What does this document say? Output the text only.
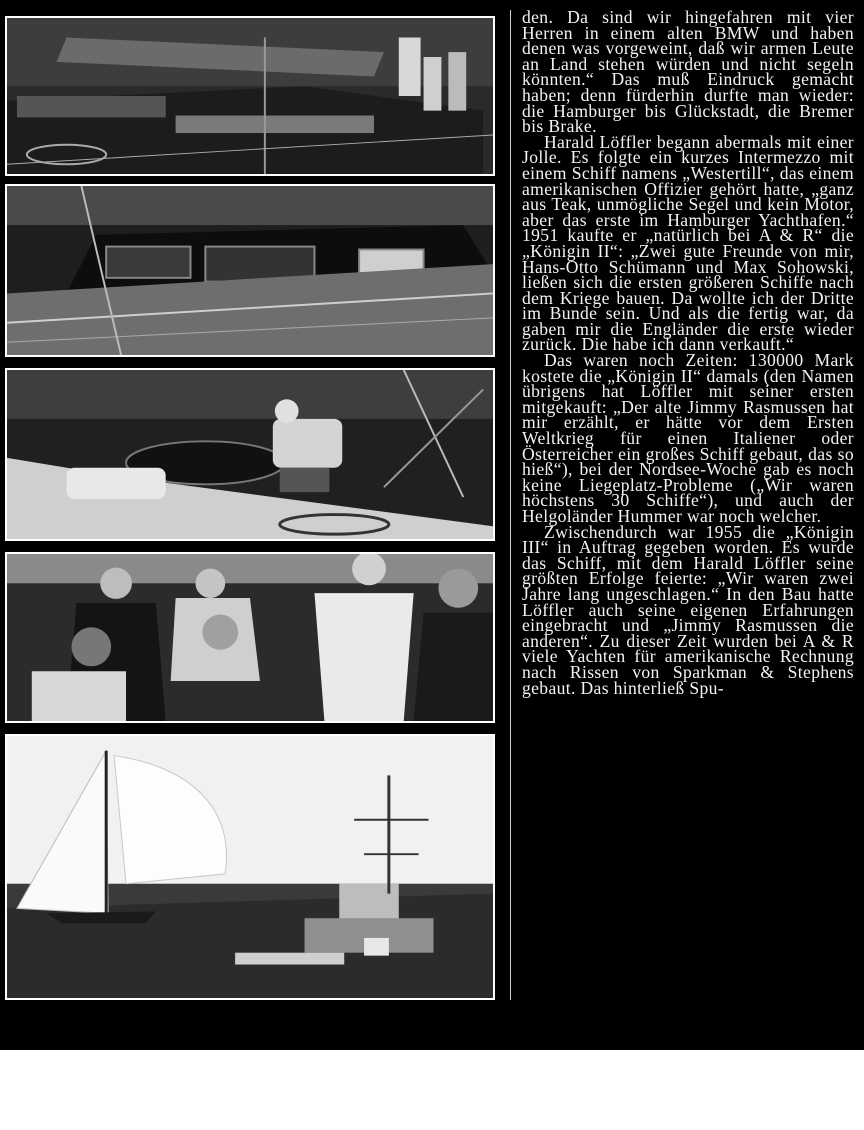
den. Da sind wir hingefahren mit vier Herren in einem alten BMW und haben denen was vorgeweint, daß wir armen Leute an Land stehen würden und nicht segeln könnten.“ Das muß Eindruck gemacht haben; denn fürderhin durfte man wieder: die Hamburger bis Glückstadt, die Bremer bis Brake.

Harald Löffler begann abermals mit einer Jolle. Es folgte ein kurzes Intermezzo mit einem Schiff namens „Westertill“, das einem amerikanischen Offizier gehört hatte, „ganz aus Teak, unmögliche Segel und kein Motor, aber das erste im Hamburger Yachthafen.“ 1951 kaufte er „natürlich bei A & R“ die „Königin II“: „Zwei gute Freunde von mir, Hans-Otto Schümann und Max Sohowski, ließen sich die ersten größeren Schiffe nach dem Kriege bauen. Da wollte ich der Dritte im Bunde sein. Und als die fertig war, da gaben mir die Engländer die erste wieder zurück. Die habe ich dann verkauft.“

Das waren noch Zeiten: 130000 Mark kostete die „Königin II“ damals (den Namen übrigens hat Löffler mit seiner ersten mitgekauft: „Der alte Jimmy Rasmussen hat mir erzählt, er hätte vor dem Ersten Weltkrieg für einen Italiener oder Österreicher ein großes Schiff gebaut, das so hieß“), bei der Nordsee-Woche gab es noch keine Liegeplatz-Probleme („Wir waren höchstens 30 Schiffe“), und auch der Helgoländer Hummer war noch welcher.

Zwischendurch war 1955 die „Königin III“ in Auftrag gegeben worden. Es wurde das Schiff, mit dem Harald Löffler seine größten Erfolge feierte: „Wir waren zwei Jahre lang ungeschlagen.“ In den Bau hatte Löffler auch seine eigenen Erfahrungen eingebracht und „Jimmy Rasmussen die anderen“. Zu dieser Zeit wurden bei A & R viele Yachten für amerikanische Rechnung nach Rissen von Sparkman & Stephens gebaut. Das hinterließ Spu-
